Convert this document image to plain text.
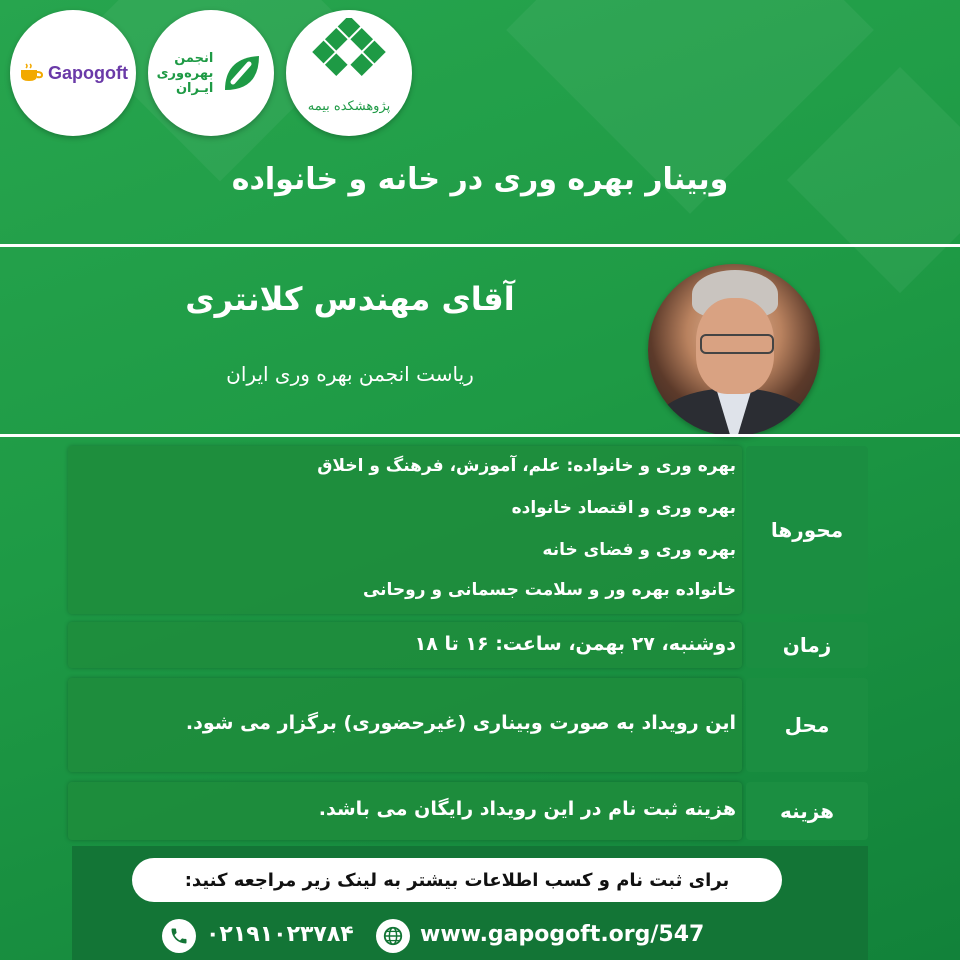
Gapogoft
انجمن
بهره‌وری
ایـران
پژوهشکده بیمه
وبینار بهره وری در خانه و خانواده
آقای مهندس کلانتری
ریاست انجمن بهره وری ایران
محورها
بهره وری و خانواده: علم، آموزش، فرهنگ و اخلاق
بهره وری و اقتصاد خانواده
بهره وری و فضای خانه
خانواده بهره ور و سلامت جسمانی و روحانی
زمان
دوشنبه، ۲۷ بهمن، ساعت: ۱۶ تا ۱۸
محل
این رویداد به صورت وبیناری (غیرحضوری) برگزار می شود.
هزینه
هزینه ثبت نام در این رویداد رایگان می باشد.
برای ثبت نام و کسب اطلاعات بیشتر به لینک زیر مراجعه کنید:
۰۲۱۹۱۰۲۳۷۸۴	www.gapogoft.org/547
